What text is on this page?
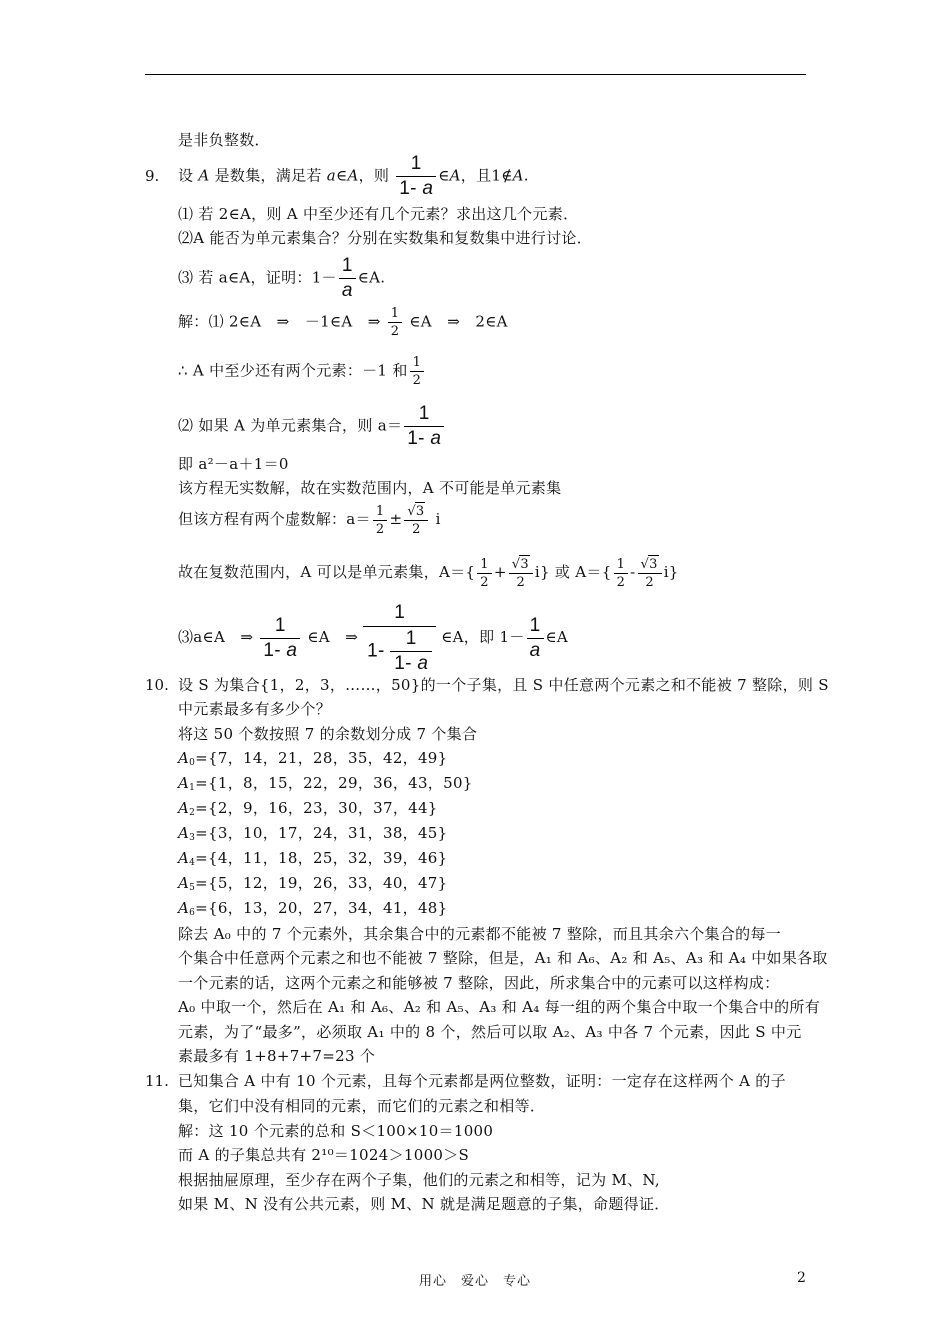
是非负整数．
9. 设 A 是数集，满足若 a∈A，则 $\frac{1}{1- a}$ ∈A，且1∉A.
⑴ 若 2∈A，则 A 中至少还有几个元素？求出这几个元素．
⑵A 能否为单元素集合？分别在实数集和复数集中进行讨论．
⑶ 若 a∈A，证明：$1- \frac{1}{a}$ ∈A.
解：⑴ 2∈A　⇒　－1∈A　⇒ $\frac{1}{2}$ ∈A　⇒　2∈A
∴ A 中至少还有两个元素：－1 和 $\frac{1}{2}$
⑵ 如果 A 为单元素集合，则 $a= \frac{1}{1- a}$
即 a²－a＋1＝0
该方程无实数解，故在实数范围内，A 不可能是单元素集
但该方程有两个虚数解：$a= \frac{1}{2} \pm \frac{√3}{2}$ i
故在复数范围内，A 可以是单元素集，$A=\{ \frac{1}{2} + \frac{√3}{2} i\}$ 或 $A=\{ \frac{1}{2} - \frac{√3}{2} i\}$
⑶a∈A　⇒ $\frac{1}{1- a}$ ∈A　⇒ $\frac{1}{1- \frac{1}{1- a}}$ ∈A，即 $1- \frac{1}{a}$ ∈A
10. 设 S 为集合{1，2，3，……，50}的一个子集，且 S 中任意两个元素之和不能被 7 整除，则 S
中元素最多有多少个？
将这 50 个数按照 7 的余数划分成 7 个集合
$A_0=\{7$，14，21，28，35，42，49}
$A_1=\{1$，8，15，22，29，36，43，50}
$A_2=\{2$，9，16，23，30，37，44}
$A_3=\{3$，10，17，24，31，38，45}
$A_4=\{4$，11，18，25，32，39，46}
$A_5=\{5$，12，19，26，33，40，47}
$A_6=\{6$，13，20，27，34，41，48}
除去 A₀ 中的 7 个元素外，其余集合中的元素都不能被 7 整除，而且其余六个集合的每一
个集合中任意两个元素之和也不能被 7 整除，但是，A₁ 和 A₆、A₂ 和 A₅、A₃ 和 A₄ 中如果各取
一个元素的话，这两个元素之和能够被 7 整除，因此，所求集合中的元素可以这样构成：
A₀ 中取一个，然后在 A₁ 和 A₆、A₂ 和 A₅、A₃ 和 A₄ 每一组的两个集合中取一个集合中的所有
元素，为了“最多”，必须取 A₁ 中的 8 个，然后可以取 A₂、A₃ 中各 7 个元素，因此 S 中元
素最多有 1+8+7+7=23 个
11. 已知集合 A 中有 10 个元素，且每个元素都是两位整数，证明：一定存在这样两个 A 的子
集，它们中没有相同的元素，而它们的元素之和相等．
解：这 10 个元素的总和 S＜100×10＝1000
而 A 的子集总共有 2¹⁰＝1024＞1000＞S
根据抽屉原理，至少存在两个子集，他们的元素之和相等，记为 M、N,
如果 M、N 没有公共元素，则 M、N 就是满足题意的子集，命题得证．
用心　爱心　专心	2
